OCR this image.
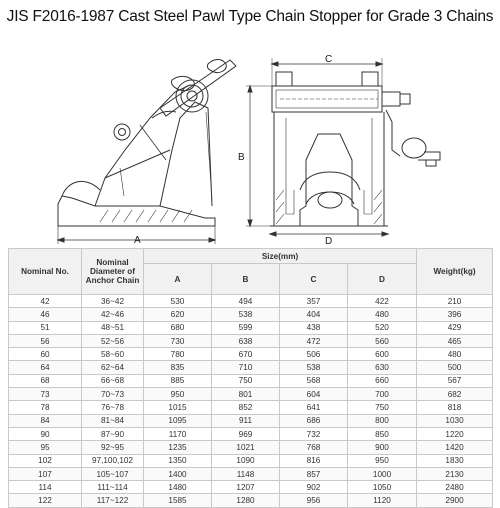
JIS F2016-1987 Cast Steel Pawl Type Chain Stopper for Grade 3 Chains
A
C
B
D
Nominal No.	Nominal Diameter of Anchor Chain	Size(mm)				Weight(kg)
		A	B	C	D	
42	36~42	530	494	357	422	210
46	42~46	620	538	404	480	396
51	48~51	680	599	438	520	429
56	52~56	730	638	472	560	465
60	58~60	780	670	506	600	480
64	62~64	835	710	538	630	500
68	66~68	885	750	568	660	567
73	70~73	950	801	604	700	682
78	76~78	1015	852	641	750	818
84	81~84	1095	911	686	800	1030
90	87~90	1170	969	732	850	1220
95	92~95	1235	1021	768	900	1420
102	97,100,102	1350	1090	816	950	1830
107	105~107	1400	1148	857	1000	2130
114	111~114	1480	1207	902	1050	2480
122	117~122	1585	1280	956	1120	2900
